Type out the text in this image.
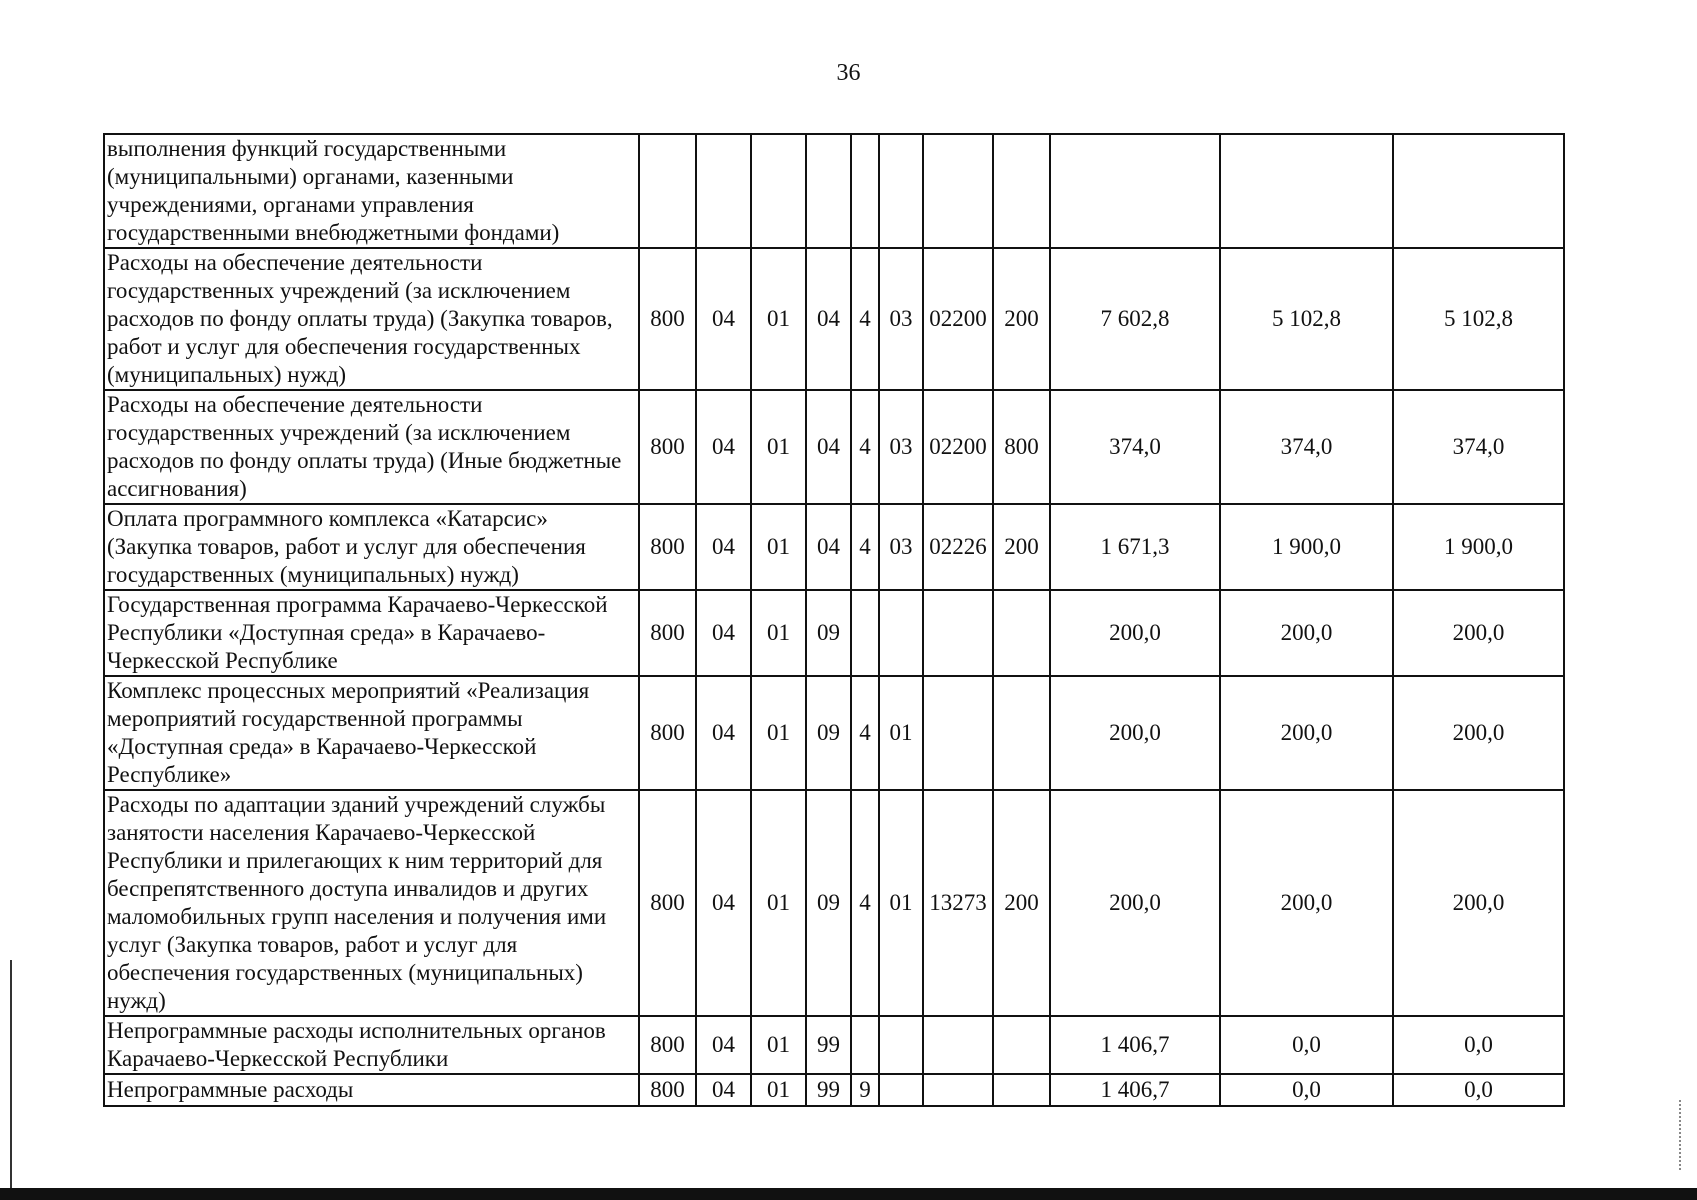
36
выполнения функций государственными (муниципальными) органами, казенными учреждениями, органами управления государственными внебюджетными фондами)											
Расходы на обеспечение деятельности государственных учреждений (за исключением расходов по фонду оплаты труда) (Закупка товаров, работ и услуг для обеспечения государственных (муниципальных) нужд)	800	04	01	04	4	03	02200	200	7 602,8	5 102,8	5 102,8
Расходы на обеспечение деятельности государственных учреждений (за исключением расходов по фонду оплаты труда) (Иные бюджетные ассигнования)	800	04	01	04	4	03	02200	800	374,0	374,0	374,0
Оплата программного комплекса «Катарсис» (Закупка товаров, работ и услуг для обеспечения государственных (муниципальных) нужд)	800	04	01	04	4	03	02226	200	1 671,3	1 900,0	1 900,0
Государственная программа Карачаево-Черкесской Республики «Доступная среда» в Карачаево-Черкесской Республике	800	04	01	09					200,0	200,0	200,0
Комплекс процессных мероприятий «Реализация мероприятий государственной программы «Доступная среда» в Карачаево-Черкесской Республике»	800	04	01	09	4	01			200,0	200,0	200,0
Расходы по адаптации зданий учреждений службы занятости населения Карачаево-Черкесской Республики и прилегающих к ним территорий для беспрепятственного доступа инвалидов и других маломобильных групп населения и получения ими услуг (Закупка товаров, работ и услуг для обеспечения государственных (муниципальных) нужд)	800	04	01	09	4	01	13273	200	200,0	200,0	200,0
Непрограммные расходы исполнительных органов Карачаево-Черкесской Республики	800	04	01	99					1 406,7	0,0	0,0
Непрограммные расходы	800	04	01	99	9				1 406,7	0,0	0,0
